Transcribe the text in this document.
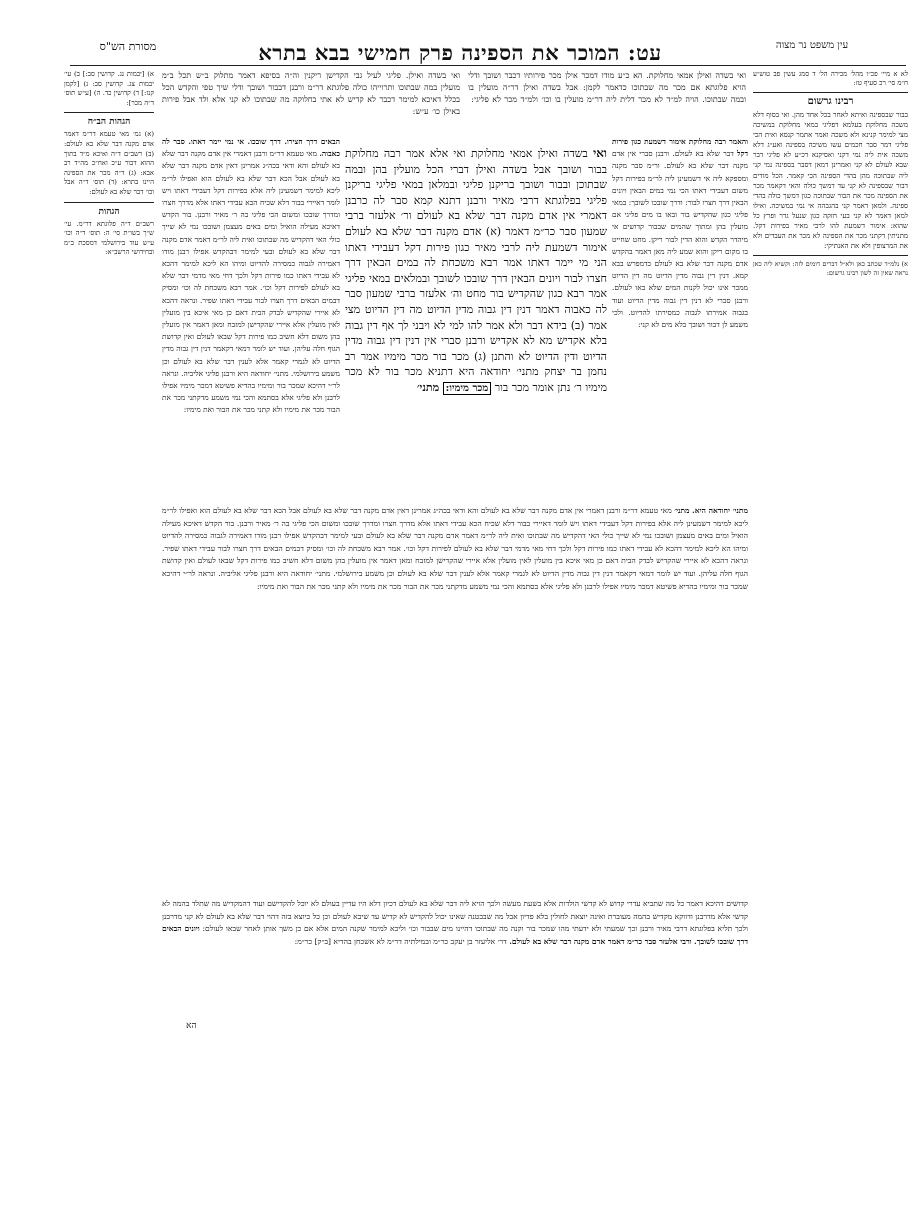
עין משפט נר מצוה
עט: המוכר את הספינה פרק חמישי בבא בתרא
מסורת הש"ס
לא א מיי׳ פכ״ו מהל׳ מכירה הל׳ ד סמג עשין פב טוש״ע ח״מ סי׳ רכ סעיף טז:
רבינו גרשום
בבור שבספינה ואיתא לאחר בכל אחד מהן. ואי בסוף דלא משכה מחלוקת בעלמא דפליגי במאי מחלוקת במשיכה מצי למימר קנינא ולא משכה ואמר אתמר קנסא ואית הכי פליגי דמר סבר חכמים עשו משיכה בספינה ואע״ג דלא משכה אית ליה נמי דקני ואסיקנא דכ״ע לא פליגי דבר שבא לעולם לא קני ואמרינן דמאן דסבר בספינה נמי קני ליה שבתוכה מהן בהדי הספינה הכי קאמר. הכל מודים דבור שבספינה לא קני עד דמשך כולה והאי דקאמר מכר את הספינה מכר את הבור שבתוכה כגון דמשך כולה בהדי ספינה. ולמאן דאמר קני בהגבהה אי נמי במשיכה. ואילו למאן דאמר לא קני בעי חזקה כגון שנעל גדר ופרץ כל שהוא: אימור דשמעת להו לרבי מאיר בפירות דקל. מתניתין דקתני מכר את הספינה לא מכר את העבדים ולא את המרצופין ולא את האנתיקי:
א) נלמ״ד שכתב כאן ולא״ל דברים דומים לזה: וקשיא ליה כאן נראה שאין זה לשון רבינו גרשום:
א) [יבמות נג. קדושין סב:] ב) עי׳ יבמות צג. קדושין סב: ג) [לקמן קנז:] ד) קדושין כד. ה) [ע״ש תוס׳ ד״ה מכר]:
הגהות הב״ח
(א) גמ׳ מאי טעמא דר״מ דאמר אדם מקנה דבר שלא בא לעולם: (ב) רשב״ם ד״ה ואיכא מ״ד בתוך ההוא דבור ע״כ ואח״כ מה״ד רב אבא: (ג) ד״ה מכר את הספינה היינו בתרא: (ד) תוס׳ ד״ה אבל וכו׳ דבר שלא בא לעולם:
הגהות
רשב״ם ד״ה פלוגתא דר״מ. עי׳ ש״ך בשו״ת סי׳ ה: תוס׳ ד״ה וכו׳ ע״ש עוד בירושלמי דמסכת ב״מ ובחידושי הרשב״א:
ואי בשדה ואילן אמאי מחלוקת. הא כ״ע מודו דמכר אילן מכר פירותיו דכבר ושובך ודלי הויא פלוגתא אם מכר מה שבתוכו כדאמר לקמן: אבל בשדה ואילן דר״ה מועלין בו ובמה שבתוכו. הויה למ״ד לא מכר דלית ליה דר״מ מועלין בו וכו׳ ולמ״ד מכר לא פליגי:
ואי בשדה ואילן. פליגי לעיל גבי הקדישן ריקנין וה״ה בסיפא דאמר מתלוק ב״ש תכל ב״מ מועלין במה שבתוכו ותרוייהו כולה פלוגתא דר״מ ורבנן דבבור ושובך ודלי שיך טפי והקדש הכל בכלל דאיכא למימר דכבר לא קדיש לא אתי בחלוקה מה שבתוכו לא קני אלא ולד אבל פירות באילן כו׳ ע״ש:
ואי בשדה ואילן אמאי מחלוקת ואי אלא אמר רבה מחלוקת בבור ושובך אבל בשדה ואילן דברי הכל מועלין בהן ובמה שבתוכן ובבור ושובך בריקנן פליגי ובמלאן במאי פליגי בריקנן פליגי בפלוגתא דרבי מאיר ורבנן דתנא קמא סבר לה כרבנן דאמרי אין אדם מקנה דבר שלא בא לעולם ור׳ אלעזר ברבי שמעון סבר כר״מ דאמר (א) אדם מקנה דבר שלא בא לעולם אימור דשמעת ליה לרבי מאיר כגון פירות דקל דעבידי דאתו הני מי יימר דאתו אמר רבא משכחת לה במים הבאין דרך חצרו לבור ויונים הבאין דרך שובכו לשובך ובמלאים במאי פליגי אמר רבא כגון שהקדיש בור מחט וה׳ אלעזר ברבי שמעון סבר לה כאבוה דאמר דנין דין גבוה מדין הדיוט מה דין הדיוט מצי אמר (ב) בידא דבר ולא אמר להו למי לא ויבני לך אף דין גבוה בלא אקדיש מא לא אקדיש ורבנן סברי אין דנין דין גבוה מדין הדיוט ודין הדיוט לא והתנן (ג) מכר בור מכר מימיו אמר רב נחמן בר יצחק מתני׳ יחודאה היא דתניא מכר בור לא מכר מימיו ר׳ נתן אומר מכר בור מכר מימיו: מתני׳
והאמר רבה מחלוקת אימור דשמעת כגון פירות דקל דבר שלא בא לעולם. ורבנן סברי אין אדם מקנה דבר שלא בא לעולם. ור״מ סבר מקנה ומספקא ליה אי דשמעינן ליה לר״מ בפירות דקל משום דעבידי דאתו הכי נמי במים הבאין ויונים הבאין דרך חצרו לבור: ודרך שובכו לשובך: במאי פליגי כגון שהקדיש בור ובאו בו מים פליגי אם מועלין בהן ומתוך שהמים שבבור קדושים אי מיהדר הקדש והוא הדין לבור ריקן. מחט שחייט בו מקום ריקן והוא שמע ליה מאן דאמר בהקדש אדם מקנה דבר שלא בא לעולם כדמפרש בבא קמא. דנין דין גבוה מדין הדיוט מה דין הדיוט ממכר אינו יכול לקנות המים שלא באו לעולם. ורבנן סברי לא דנין דין גבוה מדין הדיוט ועוד בגבוה אמירתו לגבוה כמסירתו להדיוט. ולכי משמע לן דבור ושובך בלא מים לא קני:
הבאים דרך חצירו. דרך שובכו. אי נמי יימר דאתו. סבר לה כאבוה. מאי טעמא דר״מ ורבנן דאמרי אין אדם מקנה דבר שלא בא לעולם והא ודאי בכה״ג אמרינן דאין אדם מקנה דבר שלא בא לעולם אבל הכא דבר שלא בא לעולם הוא ואפילו לר״מ ליכא למימר דשמעינן ליה אלא בפירות דקל דעבידי דאתו ויש לומר דאיירי בבור דלא שכיח הכא עבידי דאתו אלא מדרך חצרו ומדרך שובכו ומשום הכי פליגי בה ר׳ מאיר ורבנן. בור הקדש דאיכא מעילה הואיל ומים באים מעצמן ושובכו נמי לא שייך כולי האי דהקדיש מה שבתוכו ואית ליה לר״מ דאמר אדם מקנה דבר שלא בא לעולם ובעי למימר דבהקדש אפילו רבנן מודו דאמירה לגבוה כמסירה להדיוט ומיהו הא ליכא למימר דהכא לא עבידי דאתו כמו פירות דקל ולכך דחי מאי מדמי דבר שלא בא לעולם לפירות דקל וכו׳. אמר רבא משכחת לה וכו׳ ומסיק דבמים הבאים דרך חצרו לבור עבידי דאתו שפיר. ונראה דהכא לא איירי שהקדיש לבדק הבית דאם כן מאי איכא בין מועלין לאין מועלין אלא איירי שהקדישן למזבח ומאן דאמר אין מועלין בהן משום דלא חשיב כמו פירות דקל שבאו לעולם ואין קדושת הגוף חלה עליהן. ועוד יש לומר דמאי דקאמר דנין דין גבוה מדין הדיוט לא לגמרי קאמר אלא לענין דבר שלא בא לעולם וכן משמע בירושלמי. מתני׳ יחודאה היא ורבנן פליגי אליביה. ונראה לר״י דהיכא שמכר בור ומימיו בהדיא פשיטא דמכר מימיו אפילו לרבנן ולא פליגי אלא בסתמא והכי נמי משמע מדקתני מכר את הבור מכר את מימיו ולא קתני מכר את הבור ואת מימיו:
מתני׳ יחודאה היא. מתני׳ מאי טעמא דר״מ ורבנן דאמרי אין אדם מקנה דבר שלא בא לעולם והא ודאי בכה״ג אמרינן דאין אדם מקנה דבר שלא בא לעולם אבל הכא דבר שלא בא לעולם הוא ואפילו לר״מ ליכא למימר דשמעינן ליה אלא בפירות דקל דעבידי דאתו ויש לומר דאיירי בבור דלא שכיח הכא עבידי דאתו אלא מדרך חצרו ומדרך שובכו ומשום הכי פליגי בה ר׳ מאיר ורבנן. בור הקדש דאיכא מעילה הואיל ומים באים מעצמן ושובכו נמי לא שייך כולי האי דהקדיש מה שבתוכו ואית ליה לר״מ דאמר אדם מקנה דבר שלא בא לעולם ובעי למימר דבהקדש אפילו רבנן מודו דאמירה לגבוה כמסירה להדיוט ומיהו הא ליכא למימר דהכא לא עבידי דאתו כמו פירות דקל ולכך דחי מאי מדמי דבר שלא בא לעולם לפירות דקל וכו׳. אמר רבא משכחת לה וכו׳ ומסיק דבמים הבאים דרך חצרו לבור עבידי דאתו שפיר. ונראה דהכא לא איירי שהקדיש לבדק הבית דאם כן מאי איכא בין מועלין לאין מועלין אלא איירי שהקדישן למזבח ומאן דאמר אין מועלין בהן משום דלא חשיב כמו פירות דקל שבאו לעולם ואין קדושת הגוף חלה עליהן. ועוד יש לומר דמאי דקאמר דנין דין גבוה מדין הדיוט לא לגמרי קאמר אלא לענין דבר שלא בא לעולם וכן משמע בירושלמי. מתני׳ יחודאה היא ורבנן פליגי אליביה. ונראה לר״י דהיכא שמכר בור ומימיו בהדיא פשיטא דמכר מימיו אפילו לרבנן ולא פליגי אלא בסתמא והכי נמי משמע מדקתני מכר את הבור מכר את מימיו ולא קתני מכר את הבור ואת מימיו:
קדושים דהיכא דאמר כל מה שתביא עדרי קדוש לא קדשי הולדות אלא בשעת מעשה ולכך הויא ליה דבר שלא בא לעולם דכיון דלא היו עדיין בעולם לא יוכל להקדישם ועוד דהמקדיש מה שתלד בהמה לא קדשי אלא מדרבנן ודווקא מקדיש בהמה מעוברת ואינה יוצאת לחולין בלא פדיון אבל מה שבבטנה שאינו יכול להקדיש לא קדיש עד שיבא לעולם וכן כל כיוצא בזה דהוי דבר שלא בא לעולם לא קני מדרבנן ולכך תליא בפלוגתא דרבי מאיר ורבנן וכך שמעתי ולא ידעתי מהו שמכר בור וקנה מה שבתוכו דהיינו מים שבבור וכו׳ וליכא למימר שקנה המים אלא אם כן משך אותן לאחר שבאו לעולם: ויונים הבאים דרך שובכו לשובך. ורבי אלעזר סבר כר״מ דאמר אדם מקנה דבר שלא בא לעולם. דר׳ אליעזר בן יעקב כר״מ ובמילתיה דר״מ לא אשכחן בהדיא [ב״ק] כר״מ:
הא
